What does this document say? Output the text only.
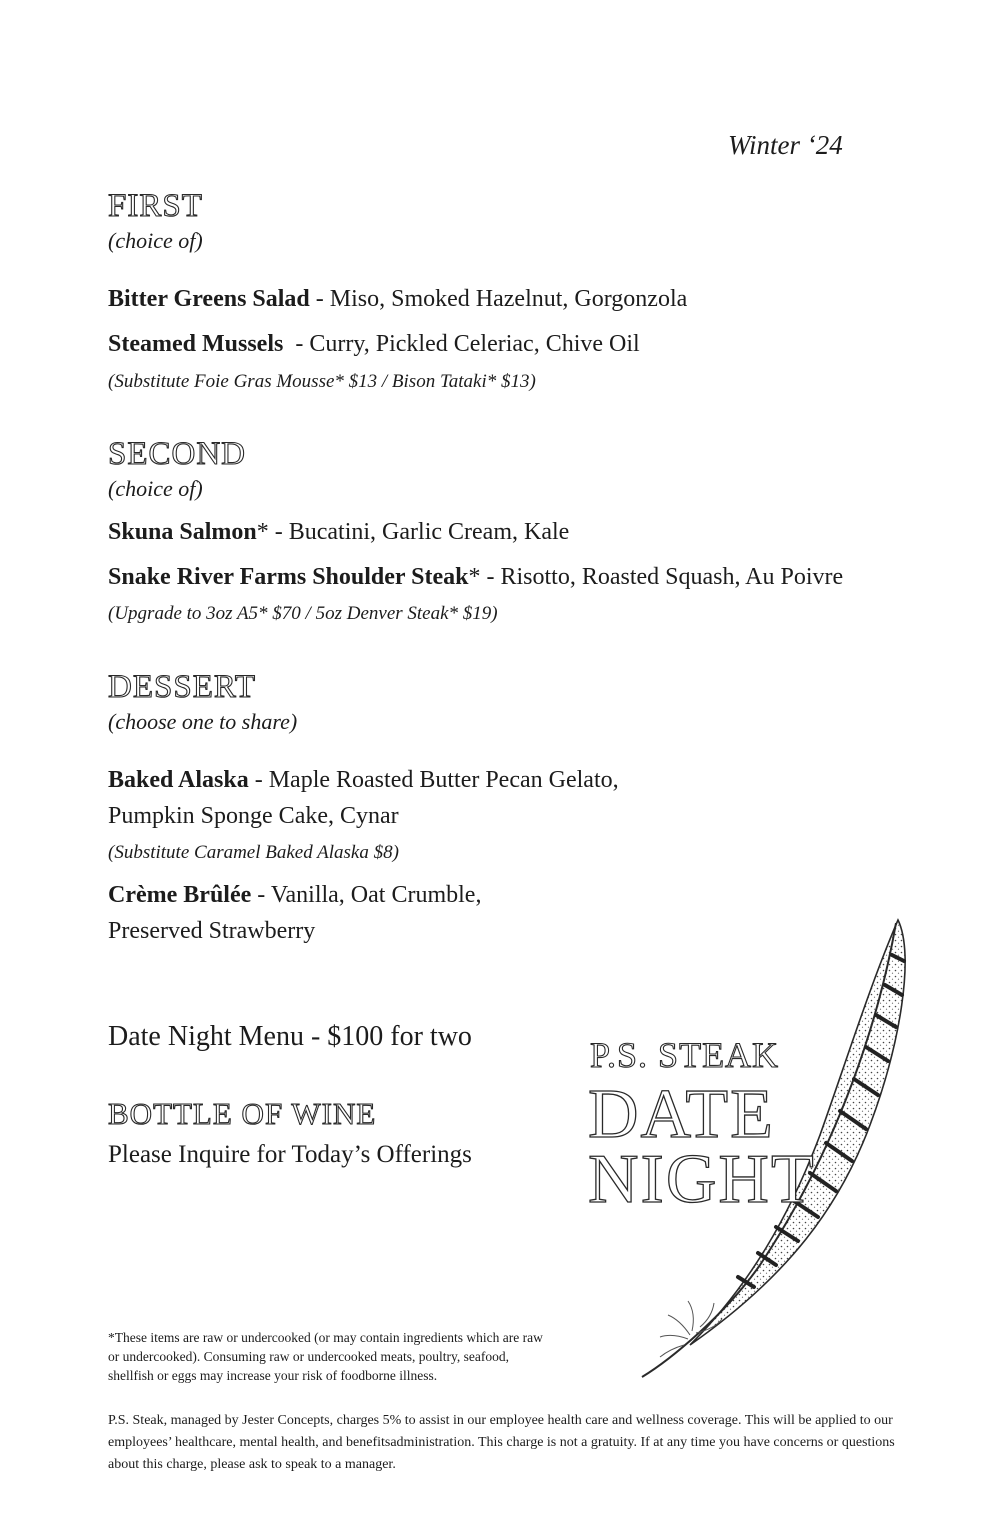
Winter ‘24
FIRST
(choice of)
Bitter Greens Salad - Miso, Smoked Hazelnut, Gorgonzola
Steamed Mussels  - Curry, Pickled Celeriac, Chive Oil
(Substitute Foie Gras Mousse* $13 / Bison Tataki* $13)
SECOND
(choice of)
Skuna Salmon* - Bucatini, Garlic Cream, Kale
Snake River Farms Shoulder Steak* - Risotto, Roasted Squash, Au Poivre
(Upgrade to 3oz A5* $70 / 5oz Denver Steak* $19)
DESSERT
(choose one to share)
Baked Alaska - Maple Roasted Butter Pecan Gelato,
Pumpkin Sponge Cake, Cynar
(Substitute Caramel Baked Alaska $8)
Crème Brûlée - Vanilla, Oat Crumble,
Preserved Strawberry
Date Night Menu - $100 for two
BOTTLE OF WINE
Please Inquire for Today’s Offerings
P.S. STEAK
DATE
NIGHT
*These items are raw or undercooked (or may contain ingredients which are raw or undercooked). Consuming raw or undercooked meats, poultry, seafood, shellfish or eggs may increase your risk of foodborne illness.
P.S. Steak, managed by Jester Concepts, charges 5% to assist in our employee health care and wellness coverage. This will be applied to our employees’ healthcare, mental health, and benefitsadministration. This charge is not a gratuity. If at any time you have concerns or questions about this charge, please ask to speak to a manager.
